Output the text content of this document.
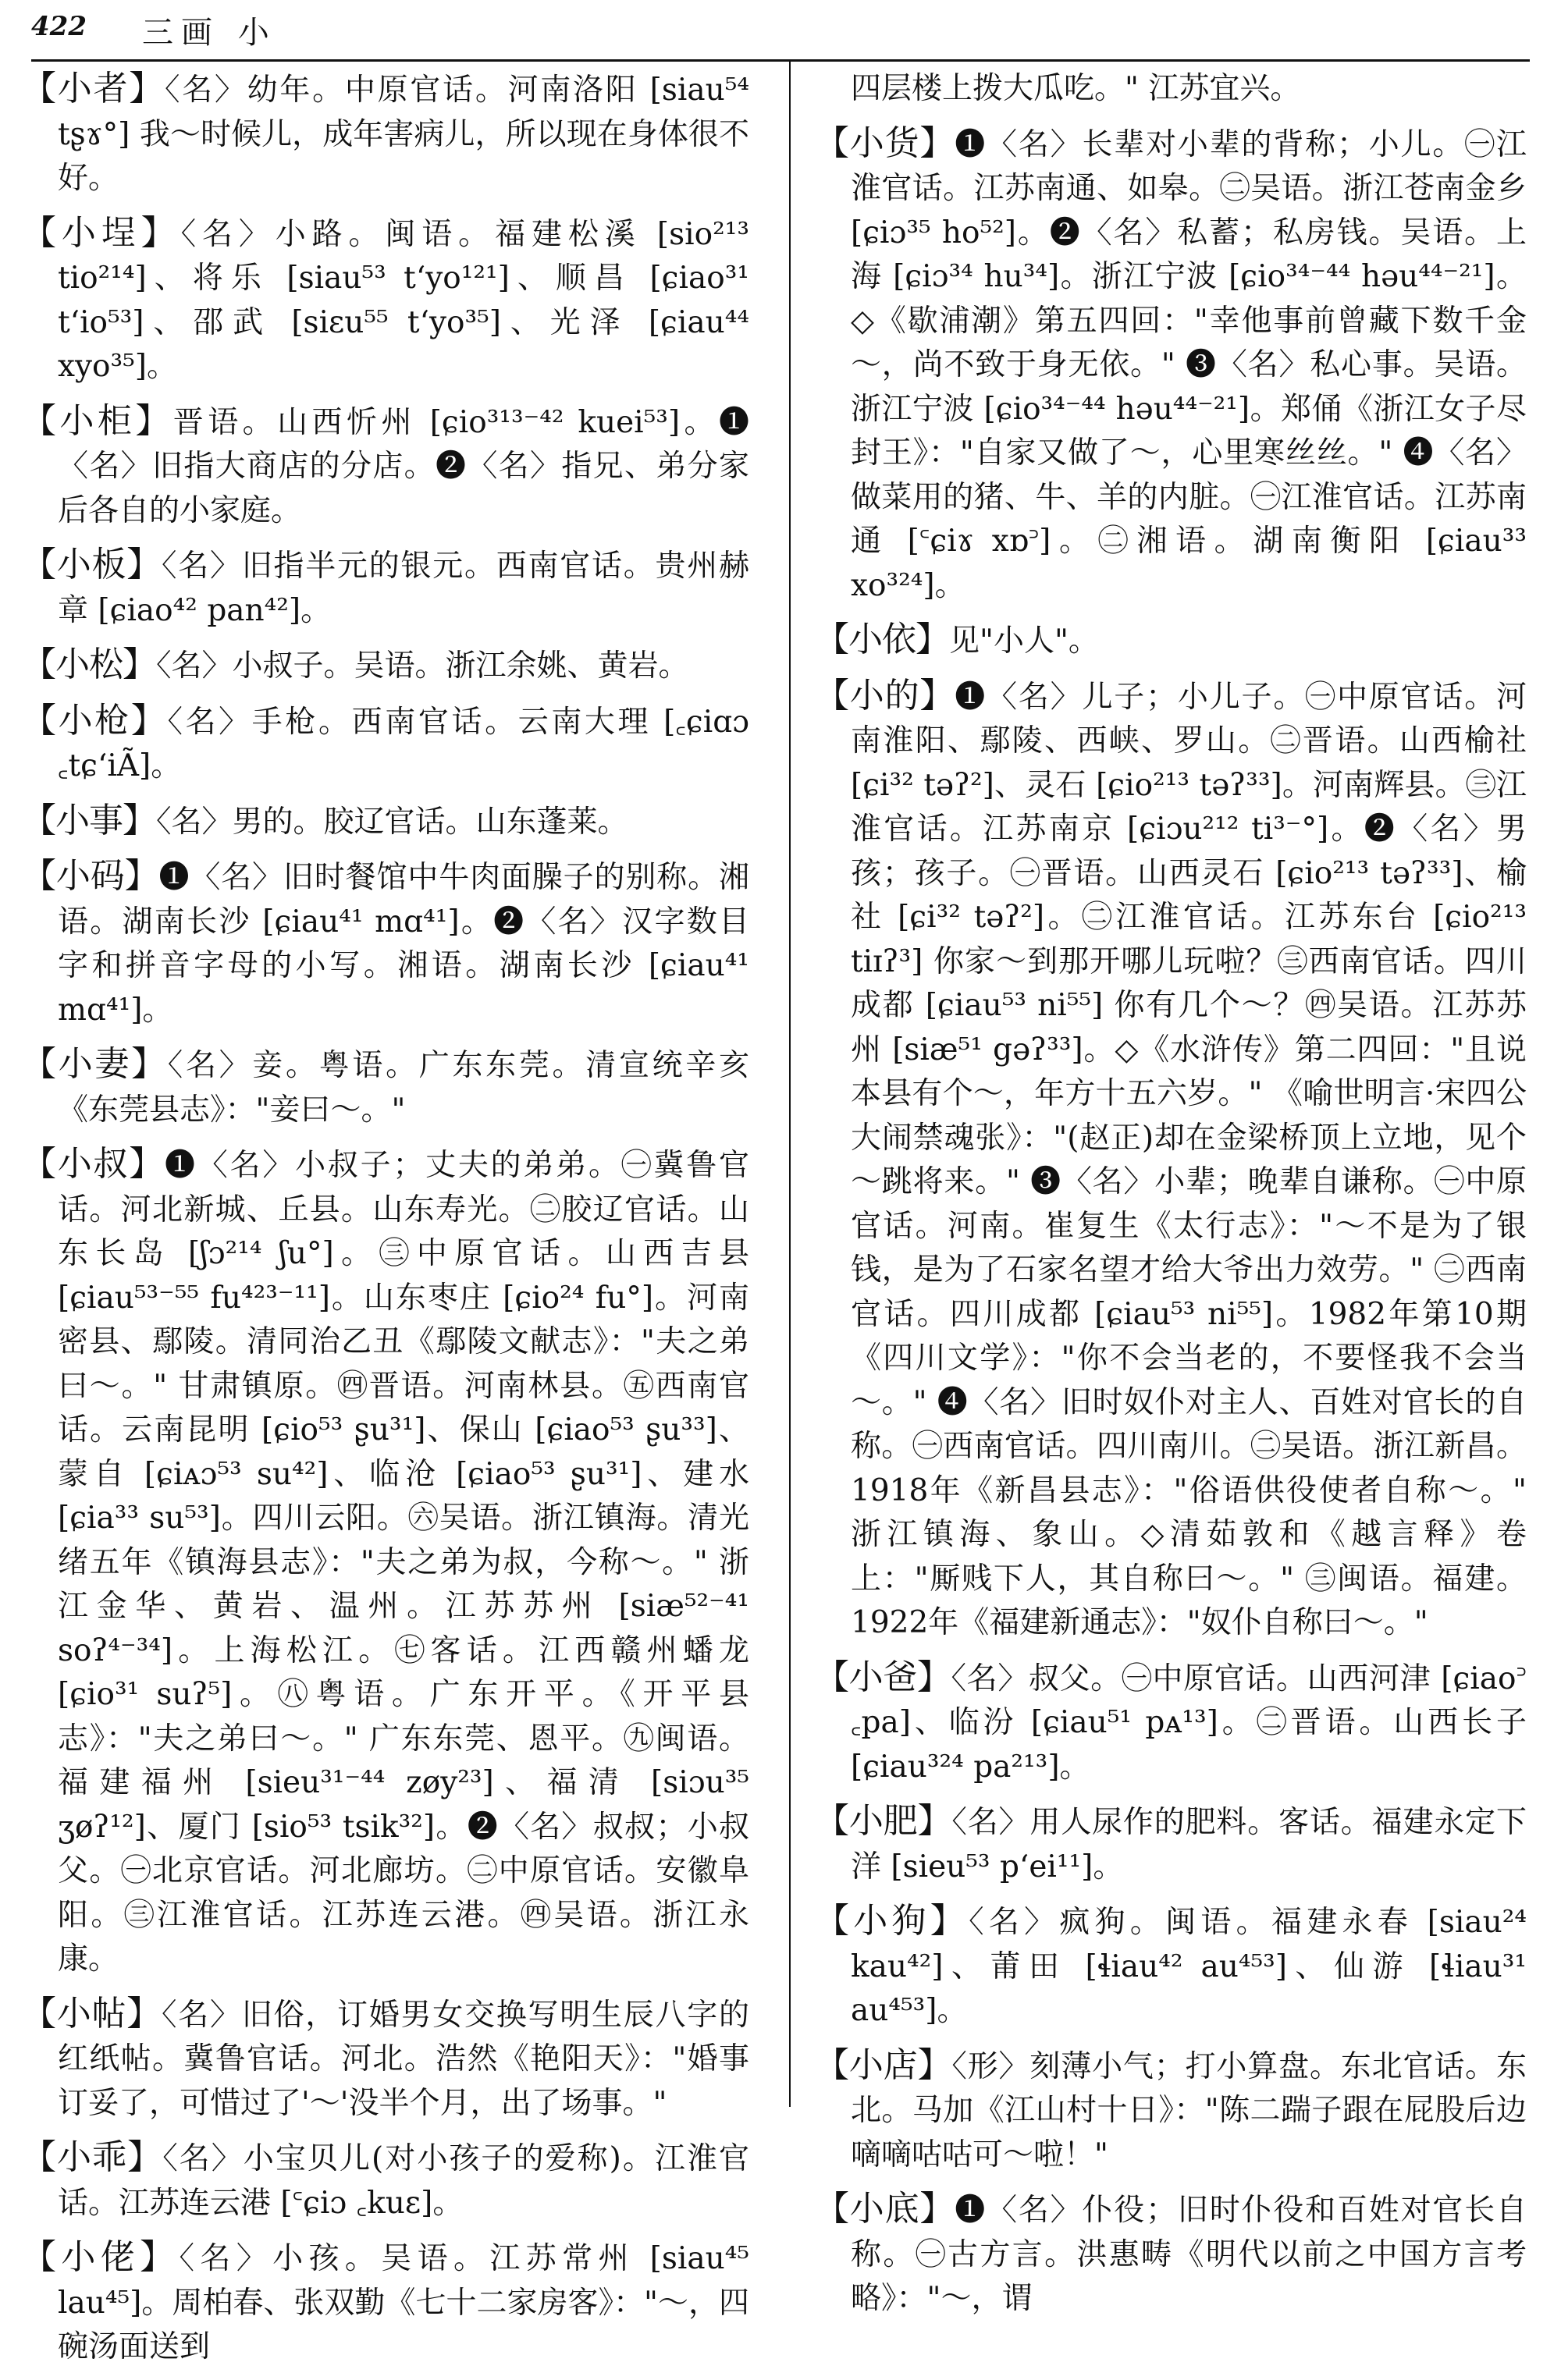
422 三画 小
【小者】〈名〉幼年。中原官话。河南洛阳 [siau⁵⁴ tʂɤ°] 我～时候儿，成年害病儿，所以现在身体很不好。
【小埕】〈名〉小路。闽语。福建松溪 [sio²¹³ tio²¹⁴]、将乐 [siau⁵³ tʻyo¹²¹]、顺昌 [ɕiao³¹ tʻio⁵³]、邵武 [siɛu⁵⁵ tʻyo³⁵]、光泽 [ɕiau⁴⁴ xyo³⁵]。
【小柜】晋语。山西忻州 [ɕio³¹³⁻⁴² kuei⁵³]。❶〈名〉旧指大商店的分店。❷〈名〉指兄、弟分家后各自的小家庭。
【小板】〈名〉旧指半元的银元。西南官话。贵州赫章 [ɕiao⁴² pan⁴²]。
【小松】〈名〉小叔子。吴语。浙江余姚、黄岩。
【小枪】〈名〉手枪。西南官话。云南大理 [꜀ɕiɑɔ ꜀tɕʻiÃ]。
【小事】〈名〉男的。胶辽官话。山东蓬莱。
【小码】❶〈名〉旧时餐馆中牛肉面臊子的别称。湘语。湖南长沙 [ɕiau⁴¹ mɑ⁴¹]。❷〈名〉汉字数目字和拼音字母的小写。湘语。湖南长沙 [ɕiau⁴¹ mɑ⁴¹]。
【小妻】〈名〉妾。粤语。广东东莞。清宣统辛亥《东莞县志》："妾曰～。"
【小叔】❶〈名〉小叔子；丈夫的弟弟。㊀冀鲁官话。河北新城、丘县。山东寿光。㊁胶辽官话。山东长岛 [ʃɔ²¹⁴ ʃu°]。㊂中原官话。山西吉县 [ɕiau⁵³⁻⁵⁵ fu⁴²³⁻¹¹]。山东枣庄 [ɕio²⁴ fu°]。河南密县、鄢陵。清同治乙丑《鄢陵文献志》："夫之弟曰～。" 甘肃镇原。㊃晋语。河南林县。㊄西南官话。云南昆明 [ɕio⁵³ ʂu³¹]、保山 [ɕiao⁵³ ʂu³³]、蒙自 [ɕiᴀɔ⁵³ su⁴²]、临沧 [ɕiao⁵³ ʂu³¹]、建水 [ɕia³³ su⁵³]。四川云阳。㊅吴语。浙江镇海。清光绪五年《镇海县志》："夫之弟为叔，今称～。" 浙江金华、黄岩、温州。江苏苏州 [siæ⁵²⁻⁴¹ soʔ⁴⁻³⁴]。上海松江。㊆客话。江西赣州蟠龙 [ɕio³¹ suʔ⁵]。㊇粤语。广东开平。《开平县志》："夫之弟曰～。" 广东东莞、恩平。㊈闽语。福建福州 [sieu³¹⁻⁴⁴ zøy²³]、福清 [siɔu³⁵ ʒøʔ¹²]、厦门 [sio⁵³ tsik³²]。❷〈名〉叔叔；小叔父。㊀北京官话。河北廊坊。㊁中原官话。安徽阜阳。㊂江淮官话。江苏连云港。㊃吴语。浙江永康。
【小帖】〈名〉旧俗，订婚男女交换写明生辰八字的红纸帖。冀鲁官话。河北。浩然《艳阳天》："婚事订妥了，可惜过了'～'没半个月，出了场事。"
【小乖】〈名〉小宝贝儿(对小孩子的爱称)。江淮官话。江苏连云港 [꜂ɕiɔ ꜀kuɛ]。
【小佬】〈名〉小孩。吴语。江苏常州 [siau⁴⁵ lau⁴⁵]。周柏春、张双勤《七十二家房客》："～，四碗汤面送到
四层楼上拨大瓜吃。" 江苏宜兴。
【小货】❶〈名〉长辈对小辈的背称；小儿。㊀江淮官话。江苏南通、如皋。㊁吴语。浙江苍南金乡 [ɕiɔ³⁵ ho⁵²]。❷〈名〉私蓄；私房钱。吴语。上海 [ɕiɔ³⁴ hu³⁴]。浙江宁波 [ɕio³⁴⁻⁴⁴ həu⁴⁴⁻²¹]。◇《歇浦潮》第五四回："幸他事前曾藏下数千金～，尚不致于身无依。" ❸〈名〉私心事。吴语。浙江宁波 [ɕio³⁴⁻⁴⁴ həu⁴⁴⁻²¹]。郑俑《浙江女子尽封王》："自家又做了～，心里寒丝丝。" ❹〈名〉做菜用的猪、牛、羊的内脏。㊀江淮官话。江苏南通 [꜂ɕiɤ xɒ꜄]。㊁湘语。湖南衡阳 [ɕiau³³ xo³²⁴]。
【小依】见"小人"。
【小的】❶〈名〉儿子；小儿子。㊀中原官话。河南淮阳、鄢陵、西峡、罗山。㊁晋语。山西榆社 [ɕi³² təʔ²]、灵石 [ɕio²¹³ təʔ³³]。河南辉县。㊂江淮官话。江苏南京 [ɕiɔu²¹² ti³⁻°]。❷〈名〉男孩；孩子。㊀晋语。山西灵石 [ɕio²¹³ təʔ³³]、榆社 [ɕi³² təʔ²]。㊁江淮官话。江苏东台 [ɕio²¹³ tiɪʔ³] 你家～到那开哪儿玩啦？㊂西南官话。四川成都 [ɕiau⁵³ ni⁵⁵] 你有几个～？㊃吴语。江苏苏州 [siæ⁵¹ gəʔ³³]。◇《水浒传》第二四回："且说本县有个～，年方十五六岁。" 《喻世明言·宋四公大闹禁魂张》："(赵正)却在金梁桥顶上立地，见个～跳将来。" ❸〈名〉小辈；晚辈自谦称。㊀中原官话。河南。崔复生《太行志》："～不是为了银钱，是为了石家名望才给大爷出力效劳。" ㊁西南官话。四川成都 [ɕiau⁵³ ni⁵⁵]。1982年第10期《四川文学》："你不会当老的，不要怪我不会当～。" ❹〈名〉旧时奴仆对主人、百姓对官长的自称。㊀西南官话。四川南川。㊁吴语。浙江新昌。1918年《新昌县志》："俗语供役使者自称～。" 浙江镇海、象山。◇清茹敦和《越言释》卷上："厮贱下人，其自称曰～。" ㊂闽语。福建。1922年《福建新通志》："奴仆自称曰～。"
【小爸】〈名〉叔父。㊀中原官话。山西河津 [ɕiao꜄ ꜀pa]、临汾 [ɕiau⁵¹ pᴀ¹³]。㊁晋语。山西长子 [ɕiau³²⁴ pa²¹³]。
【小肥】〈名〉用人尿作的肥料。客话。福建永定下洋 [sieu⁵³ pʻei¹¹]。
【小狗】〈名〉疯狗。闽语。福建永春 [siau²⁴ kau⁴²]、莆田 [ɬiau⁴² au⁴⁵³]、仙游 [ɬiau³¹ au⁴⁵³]。
【小店】〈形〉刻薄小气；打小算盘。东北官话。东北。马加《江山村十日》："陈二踹子跟在屁股后边嘀嘀咕咕可～啦！"
【小底】❶〈名〉仆役；旧时仆役和百姓对官长自称。㊀古方言。洪惠畴《明代以前之中国方言考略》："～，谓
